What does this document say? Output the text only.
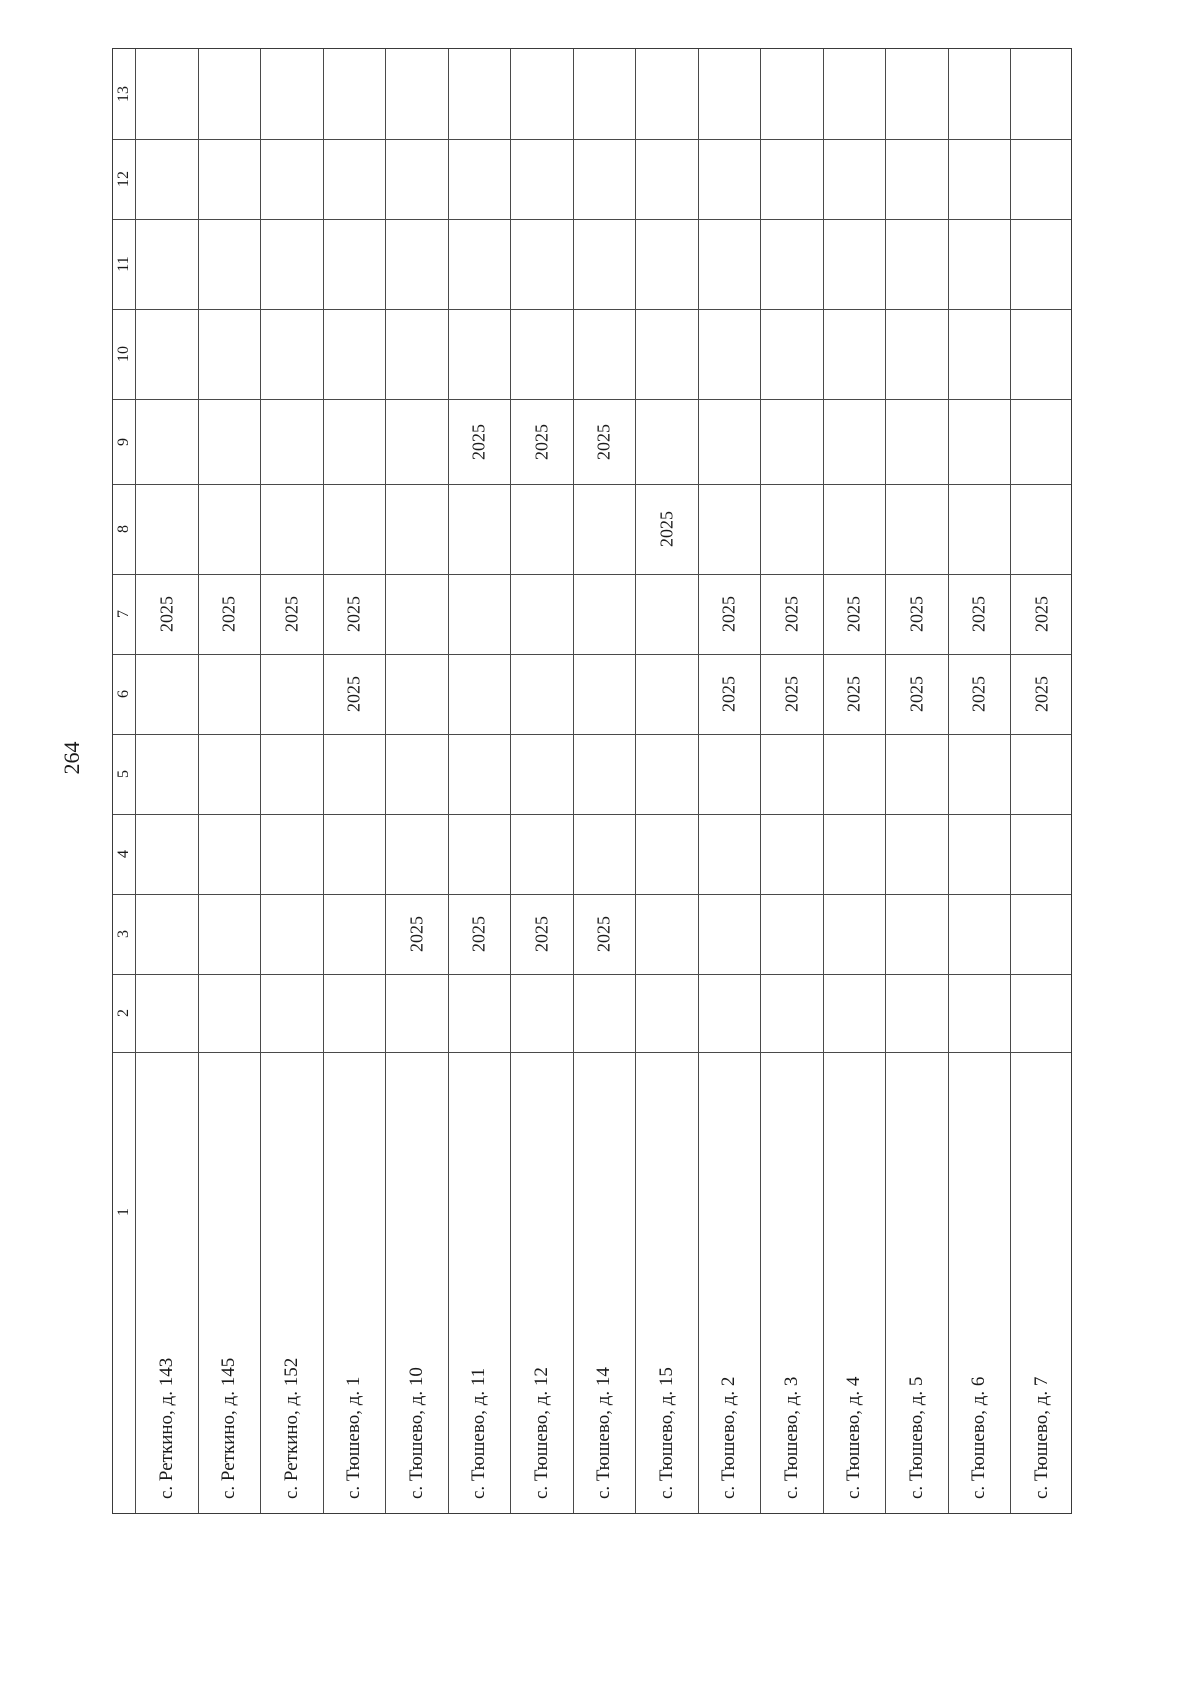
264
1
2
3
4
5
6
7
8
9
10
11
12
13
с. Реткино, д. 143
2025
с. Реткино, д. 145
2025
с. Реткино, д. 152
2025
с. Тюшево, д. 1
2025
2025
с. Тюшево, д. 10
2025
с. Тюшево, д. 11
2025
2025
с. Тюшево, д. 12
2025
2025
с. Тюшево, д. 14
2025
2025
с. Тюшево, д. 15
2025
с. Тюшево, д. 2
2025
2025
с. Тюшево, д. 3
2025
2025
с. Тюшево, д. 4
2025
2025
с. Тюшево, д. 5
2025
2025
с. Тюшево, д. 6
2025
2025
с. Тюшево, д. 7
2025
2025
